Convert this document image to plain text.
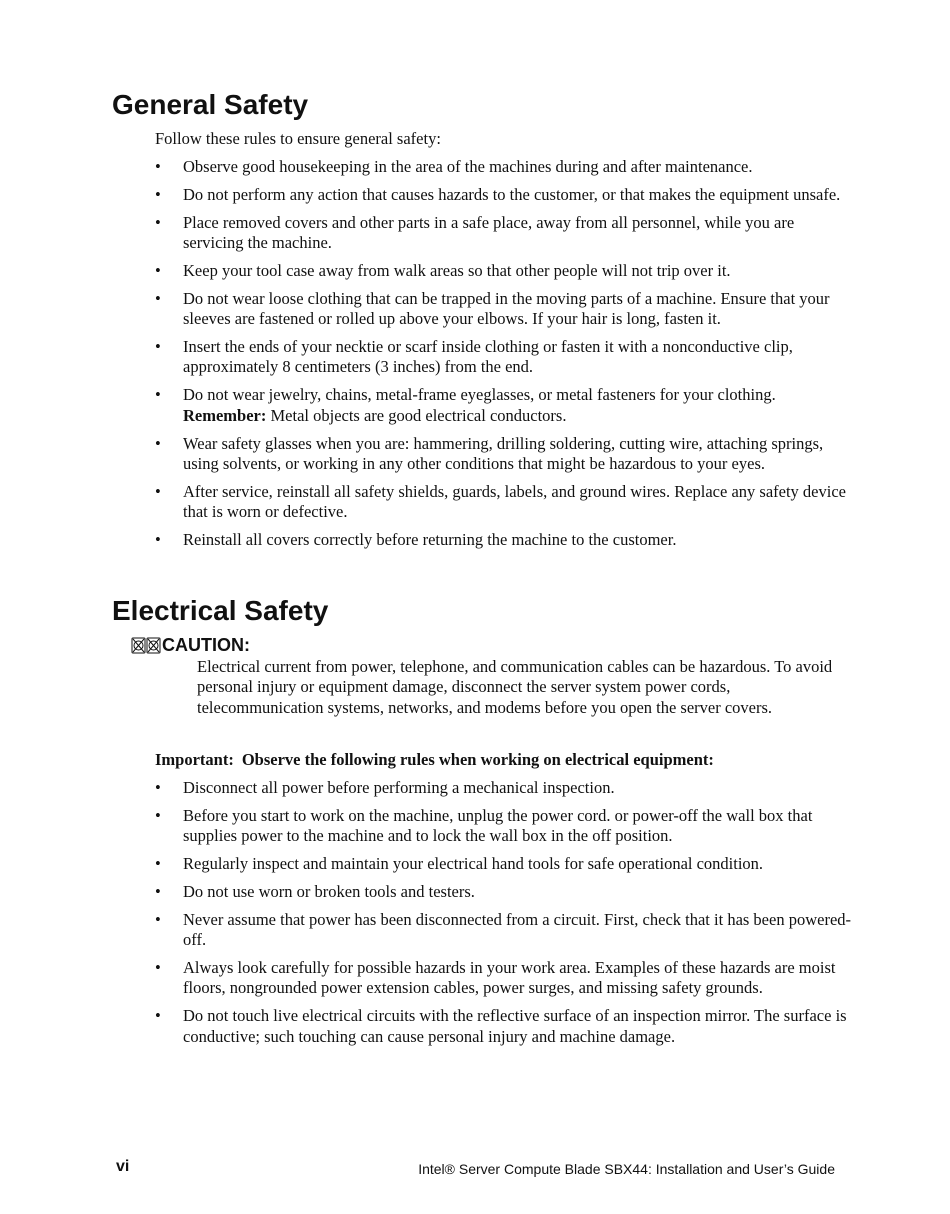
General Safety
Follow these rules to ensure general safety:
• Observe good housekeeping in the area of the machines during and after maintenance.
• Do not perform any action that causes hazards to the customer, or that makes the equipment unsafe.
• Place removed covers and other parts in a safe place, away from all personnel, while you are servicing the machine.
• Keep your tool case away from walk areas so that other people will not trip over it.
• Do not wear loose clothing that can be trapped in the moving parts of a machine. Ensure that your sleeves are fastened or rolled up above your elbows. If your hair is long, fasten it.
• Insert the ends of your necktie or scarf inside clothing or fasten it with a nonconductive clip, approximately 8 centimeters (3 inches) from the end.
• Do not wear jewelry, chains, metal-frame eyeglasses, or metal fasteners for your clothing.
Remember: Metal objects are good electrical conductors.
• Wear safety glasses when you are: hammering, drilling soldering, cutting wire, attaching springs, using solvents, or working in any other conditions that might be hazardous to your eyes.
• After service, reinstall all safety shields, guards, labels, and ground wires. Replace any safety device that is worn or defective.
• Reinstall all covers correctly before returning the machine to the customer.
Electrical Safety
CAUTION:
Electrical current from power, telephone, and communication cables can be hazardous. To avoid personal injury or equipment damage, disconnect the server system power cords, telecommunication systems, networks, and modems before you open the server covers.
Important: Observe the following rules when working on electrical equipment:
• Disconnect all power before performing a mechanical inspection.
• Before you start to work on the machine, unplug the power cord. or power-off the wall box that supplies power to the machine and to lock the wall box in the off position.
• Regularly inspect and maintain your electrical hand tools for safe operational condition.
• Do not use worn or broken tools and testers.
• Never assume that power has been disconnected from a circuit. First, check that it has been powered-off.
• Always look carefully for possible hazards in your work area. Examples of these hazards are moist floors, nongrounded power extension cables, power surges, and missing safety grounds.
• Do not touch live electrical circuits with the reflective surface of an inspection mirror. The surface is conductive; such touching can cause personal injury and machine damage.
vi	Intel® Server Compute Blade SBX44: Installation and User’s Guide
